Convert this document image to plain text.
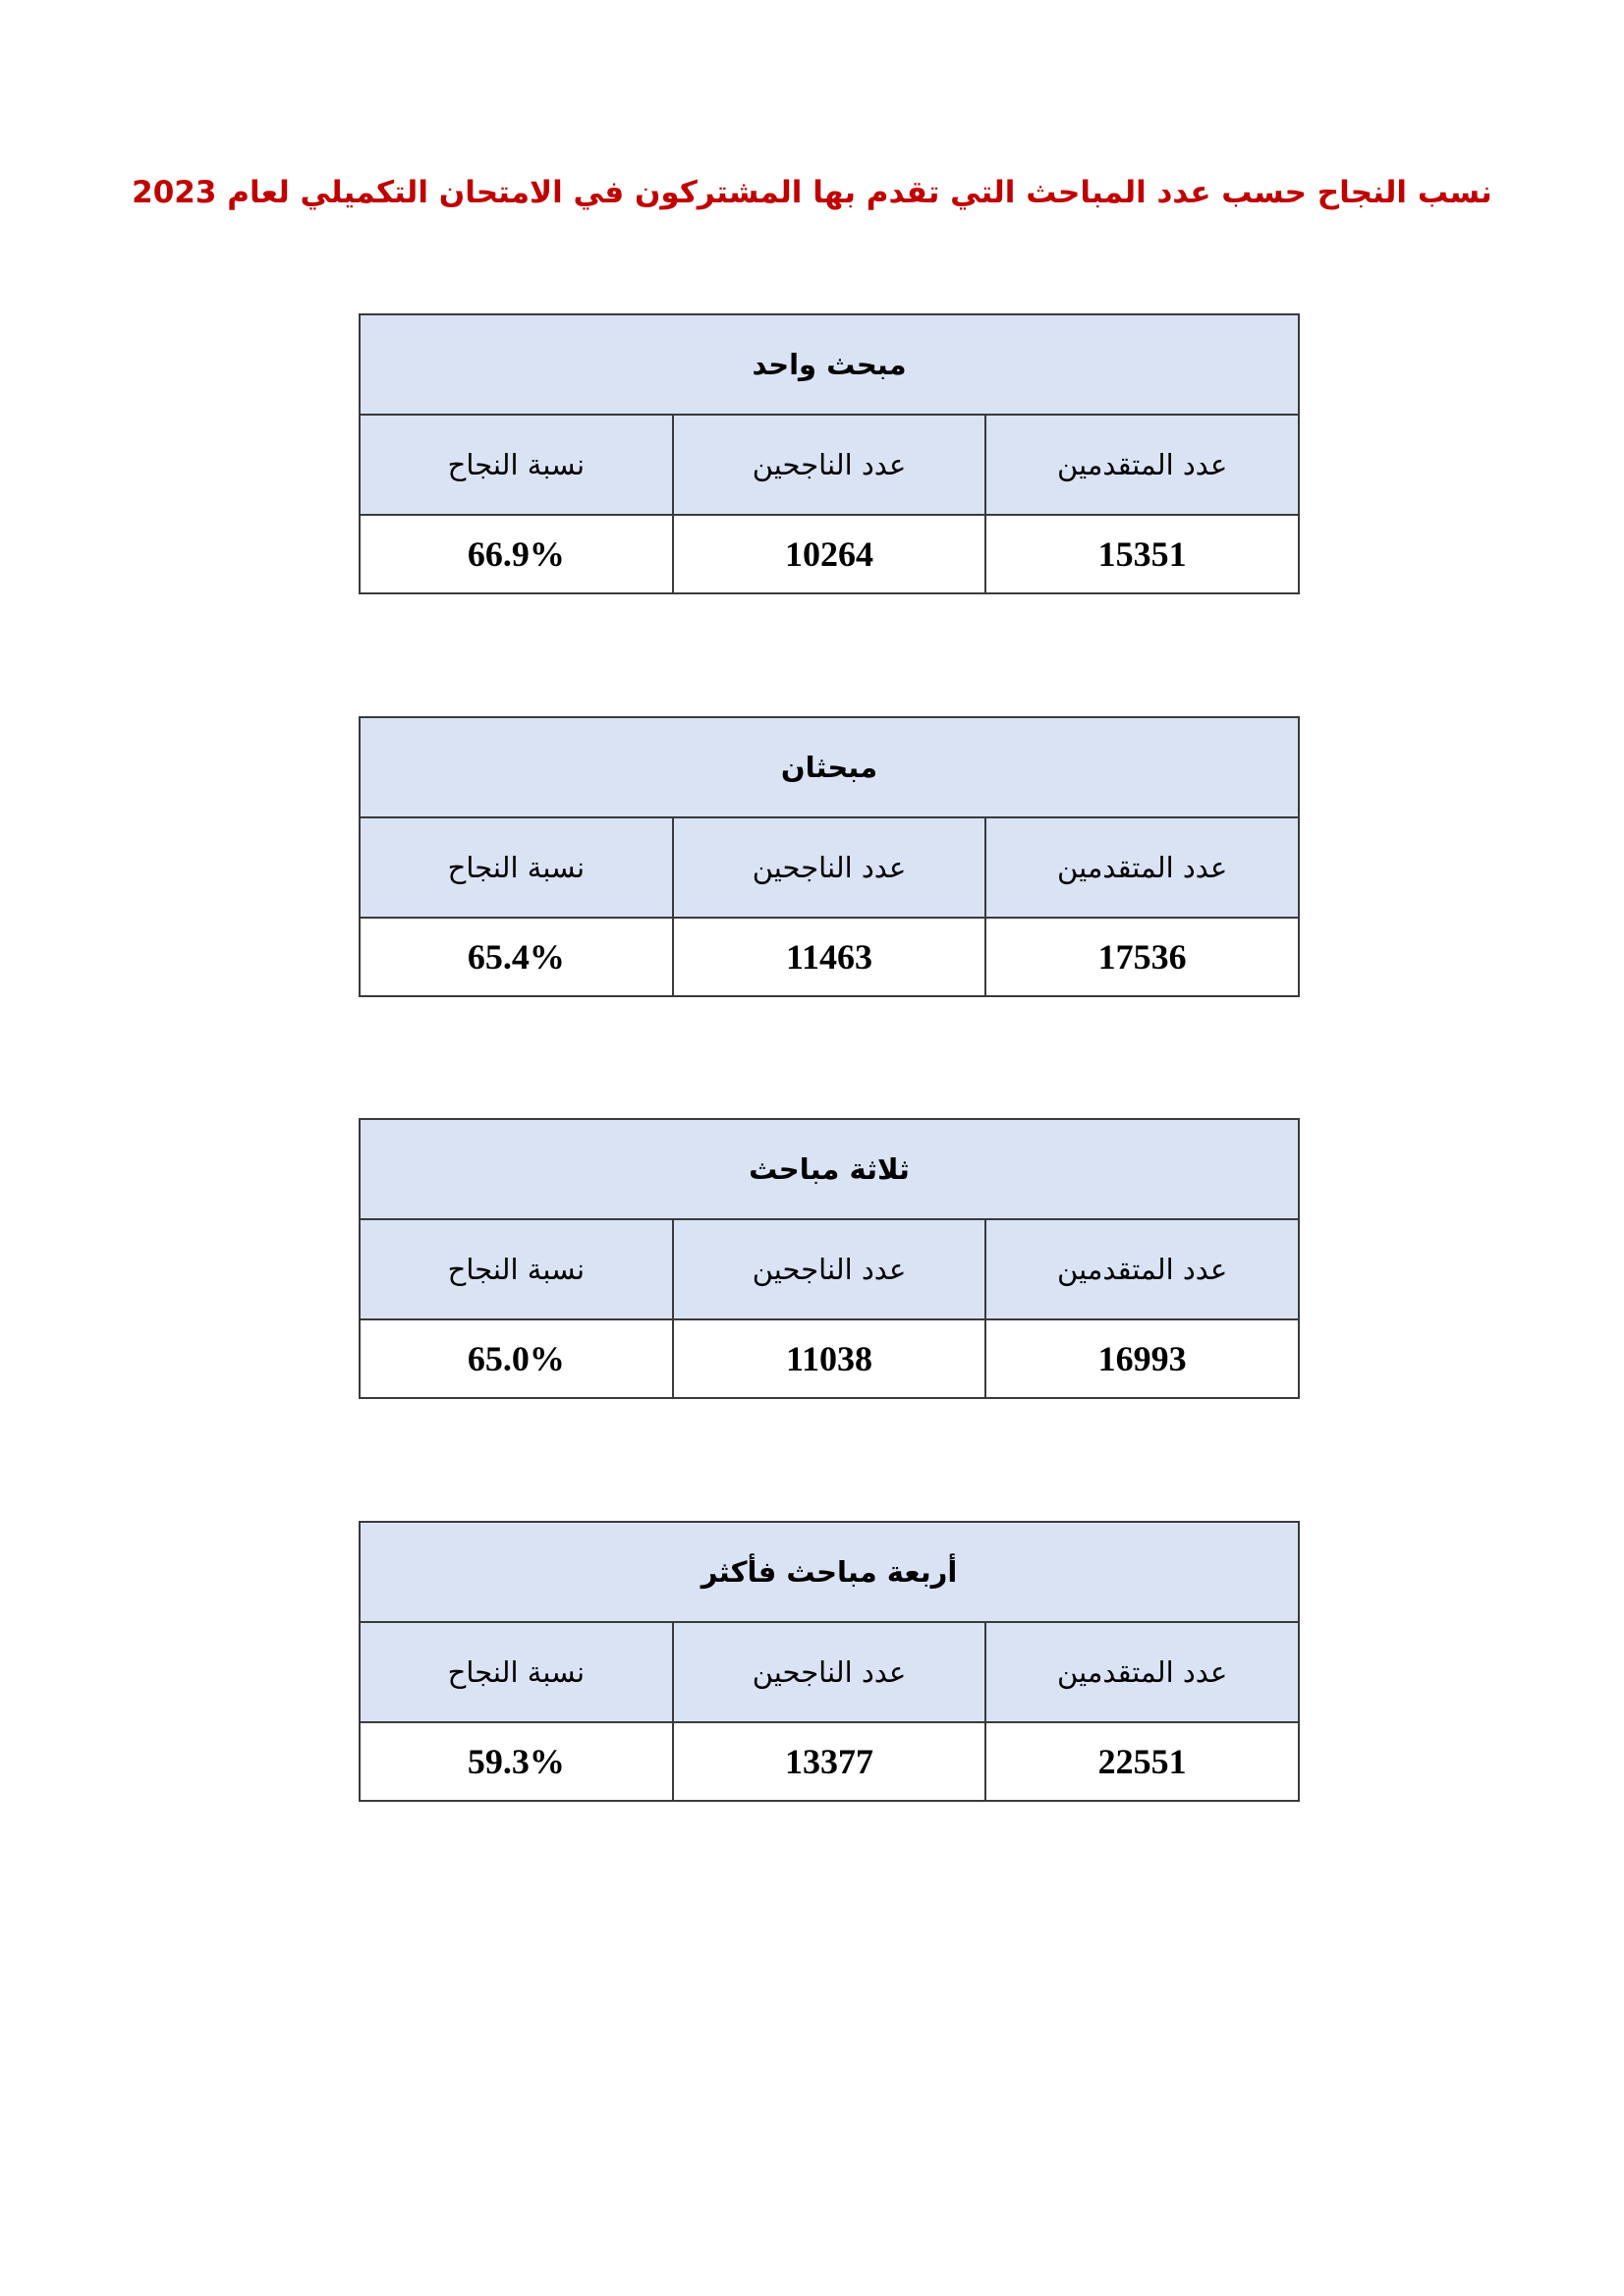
نسب النجاح حسب عدد المباحث التي تقدم بها المشتركون في الامتحان التكميلي لعام 2023
مبحث واحد		
عدد المتقدمين	عدد الناجحين	نسبة النجاح
15351	10264	66.9%
مبحثان		
عدد المتقدمين	عدد الناجحين	نسبة النجاح
17536	11463	65.4%
ثلاثة مباحث		
عدد المتقدمين	عدد الناجحين	نسبة النجاح
16993	11038	65.0%
أربعة مباحث فأكثر		
عدد المتقدمين	عدد الناجحين	نسبة النجاح
22551	13377	59.3%
